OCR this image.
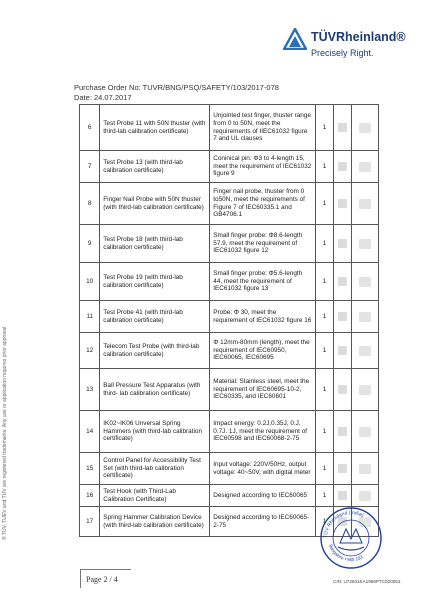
TÜVRheinland®
Precisely Right.
Purchase Order No: TUVR/BNG/PSQ/SAFETY/103/2017-078
Date: 24.07.2017
6	Test Probe 11 with 50N thuster (with third-lab calibration certificate)	Unjointed test finger, thuster range from 0 to 50N, meet the requirements of IIEC61032 figure 7 and UL clauses	1	

7	Test Probe 13 (with third-lab calibration certificate)	Coninical pin: Φ3 to 4-length 15, meet the requirement of IEC61032 figure 9	1	

8	Finger Nail Probe with 50N thuster (with third-lab calibration certificate)	Finger nail probe, thuster from 0 to50N, meet the requirements of Figure 7 of IEC60335.1 and GB4706.1	1	

9	Test Probe 18 (with third-lab calibration certificate)	Small finger probe: Φ8.6-length 57.9, meet the requirement of IEC61032 figure 12	1	

10	Test Probe 19 (with third-lab calibration certificate)	Small finger probe: Φ5.6-length 44, meet the requirement of IEC61032 figure 13	1	

11	Test Probe 41 (with third-lab calibration certificate)	Probe: Φ 30, meet the requirement of IEC61032 figure 16	1	

12	Telecom Test Probe (with third-lab calibration certificate)	Φ 12mm-80mm (length), meet the requirement of IEC60950, IEC60065, IEC60695	1	

13	Ball Pressure Test Apparatus (with third- lab calibration certificate)	Material: Stainless steel, meet the requirement of IEC60695-10-2, IEC60335, and IEC60601	1	

14	IK02~IK06 Unversal Spring Hammers (with third-lab calibration certificate)	Impact energy: 0.2J,0.35J, 0.J, 0.7J. 1J, meet the requirement of IEC60598 and IEC60068-2-75	1	

15	Control Panel for Accessibility Test Set (with third-lab calibration certificate)	Input voltage: 220V/50Hz, output voltage: 40~50V, with digital meter	1	

16	Test Hook (with Third-Lab Calibration Certificate)	Designed according to IEC60065	1	

17	Spring Hammer Calibration Device (with third-lab calibration certificate)	Designed according to IEC60065-2-75	1	

Page 2 / 4
® TÜV, TUEV and TUV are registered trademarks. Any use or application requires prior approval.	TÜV Rheinland (India)
Bangalore • 560 103
CIN: U72501KA1996PTC020053
